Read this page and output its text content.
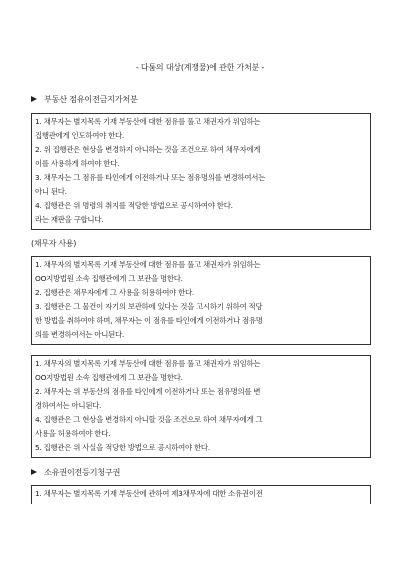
- 다툼의 대상(계쟁물)에 관한 가처분 -
부동산 점유이전금지가처분

1. 채무자는 별지목록 기재 부동산에 대한 점유를 풀고 채권자가 위임하는

집행관에게 인도하여야 한다.

2. 위 집행관은 현상을 변경하지 아니하는 것을 조건으로 하여 채무자에게

이를 사용하게 하여야 한다.

3. 채무자는 그 점유를 타인에게 이전하거나 또는 점유명의를 변경하여서는

아니 된다.

4. 집행관은 위 명령의 취지를 적당한 방법으로 공시하여야 한다.

라는 재판을 구합니다.

(채무자 사용)

1. 채무자의 별지목록 기재 부동산에 대한 점유를 풀고 채권자가 위임하는

OO지방법원 소속 집행관에게 그 보관을 명한다.

2. 집행관은 채무자에게 그 사용을 허용하여야 한다.

3. 집행관은 그 물건이 자기의 보관하에 있다는 것을 고시하기 위하여 적당

한 방법을 취하여야 하며, 채무자는 이 점유를 타인에게 이전하거나 점유명

의를 변경하여서는 아니된다.

1. 채무자의 별지목록 기재 부동산에 대한 점유를 풀고 채권자가 위임하는

OO지방법원 소속 집행관에게 그 보관을 명한다.

2. 채무자는 위 부동산의 점유를 타인에게 이전하거나 또는 점유명의를 변

경하여서는 아니된다.

4. 집행관은 그 현상을 변경하지 아니할 것을 조건으로 하여 채무자에게 그

사용을 허용하여야 한다.

5. 집행관은 위 사실을 적당한 방법으로 공시하여야 한다.

소유권이전등기청구권

1. 채무자는 별지목록 기재 부동산에 관하여 제3채무자에 대한 소유권이전
